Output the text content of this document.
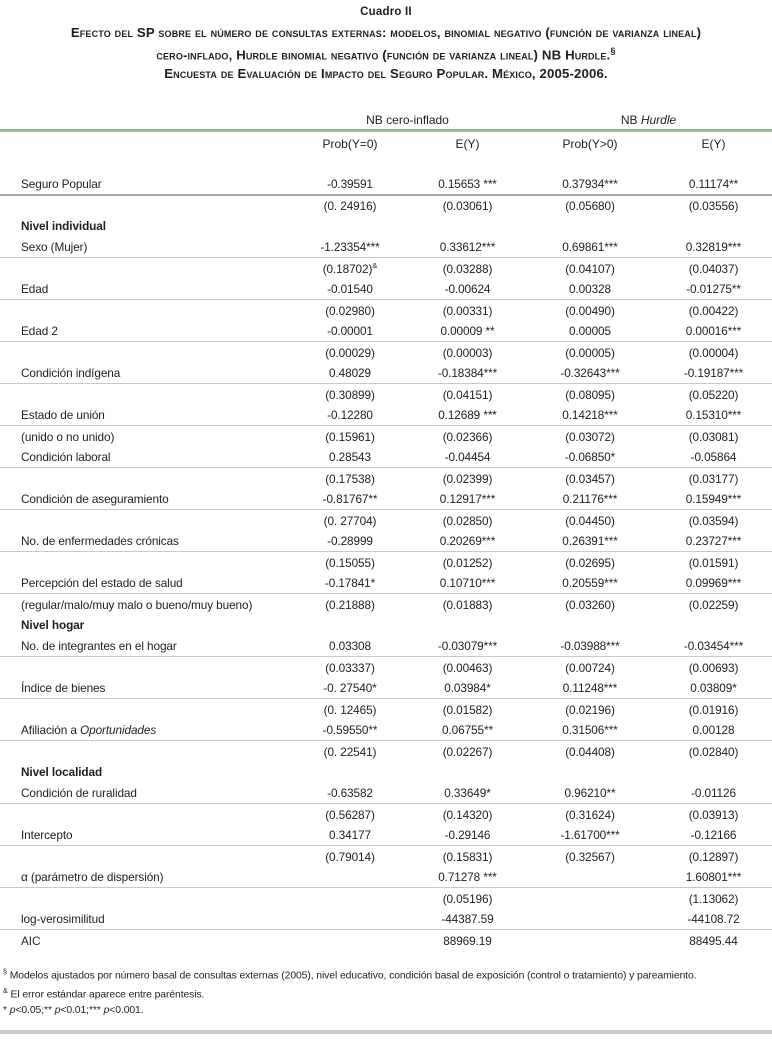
Cuadro II
Efecto del SP sobre el número de consultas externas: modelos, binomial negativo (función de varianza lineal)
cero-inflado, Hurdle binomial negativo (función de varianza lineal) NB Hurdle.§
Encuesta de Evaluación de Impacto del Seguro Popular. México, 2005-2006.
	NB cero-inflado		NB Hurdle	

	Prob(Y=0)	E(Y)	Prob(Y>0)	E(Y)

Seguro Popular	-0.39591	0.15653 ***	0.37934***	0.11174**
	(0. 24916)	(0.03061)	(0.05680)	(0.03556)
Nivel individual				
Sexo (Mujer)	-1.23354***	0.33612***	0.69861***	0.32819***
	(0.18702)&	(0.03288)	(0.04107)	(0.04037)
Edad	-0.01540	-0.00624	0.00328	-0.01275**
	(0.02980)	(0.00331)	(0.00490)	(0.00422)
Edad 2	-0.00001	0.00009 **	0.00005	0.00016***
	(0.00029)	(0.00003)	(0.00005)	(0.00004)
Condición indígena	0.48029	-0.18384***	-0.32643***	-0.19187***
	(0.30899)	(0.04151)	(0.08095)	(0.05220)
Estado de unión	-0.12280	0.12689 ***	0.14218***	0.15310***
(unido o no unido)	(0.15961)	(0.02366)	(0.03072)	(0.03081)
Condición laboral	0.28543	-0.04454	-0.06850*	-0.05864
	(0.17538)	(0.02399)	(0.03457)	(0.03177)
Condición de aseguramiento	-0.81767**	0.12917***	0.21176***	0.15949***
	(0. 27704)	(0.02850)	(0.04450)	(0.03594)
No. de enfermedades crónicas	-0.28999	0.20269***	0.26391***	0.23727***
	(0.15055)	(0.01252)	(0.02695)	(0.01591)
Percepción del estado de salud	-0.17841*	0.10710***	0.20559***	0.09969***
(regular/malo/muy malo o bueno/muy bueno)	(0.21888)	(0.01883)	(0.03260)	(0.02259)
Nivel hogar				
No. de integrantes en el hogar	0.03308	-0.03079***	-0.03988***	-0.03454***
	(0.03337)	(0.00463)	(0.00724)	(0.00693)
Índice de bienes	-0. 27540*	0.03984*	0.11248***	0.03809*
	(0. 12465)	(0.01582)	(0.02196)	(0.01916)
Afiliación a Oportunidades	-0.59550**	0.06755**	0.31506***	0.00128
	(0. 22541)	(0.02267)	(0.04408)	(0.02840)
Nivel localidad				
Condición de ruralidad	-0.63582	0.33649*	0.96210**	-0.01126
	(0.56287)	(0.14320)	(0.31624)	(0.03913)
Intercepto	0.34177	-0.29146	-1.61700***	-0.12166
	(0.79014)	(0.15831)	(0.32567)	(0.12897)
α (parámetro de dispersión)		0.71278 ***		1.60801***
		(0.05196)		(1.13062)
log-verosimilitud		-44387.59		-44108.72
AIC		88969.19		88495.44
§ Modelos ajustados por número basal de consultas externas (2005), nivel educativo, condición basal de exposición (control o tratamiento) y pareamiento.
& El error estándar aparece entre paréntesis.
* p<0.05;** p<0.01;*** p<0.001.
